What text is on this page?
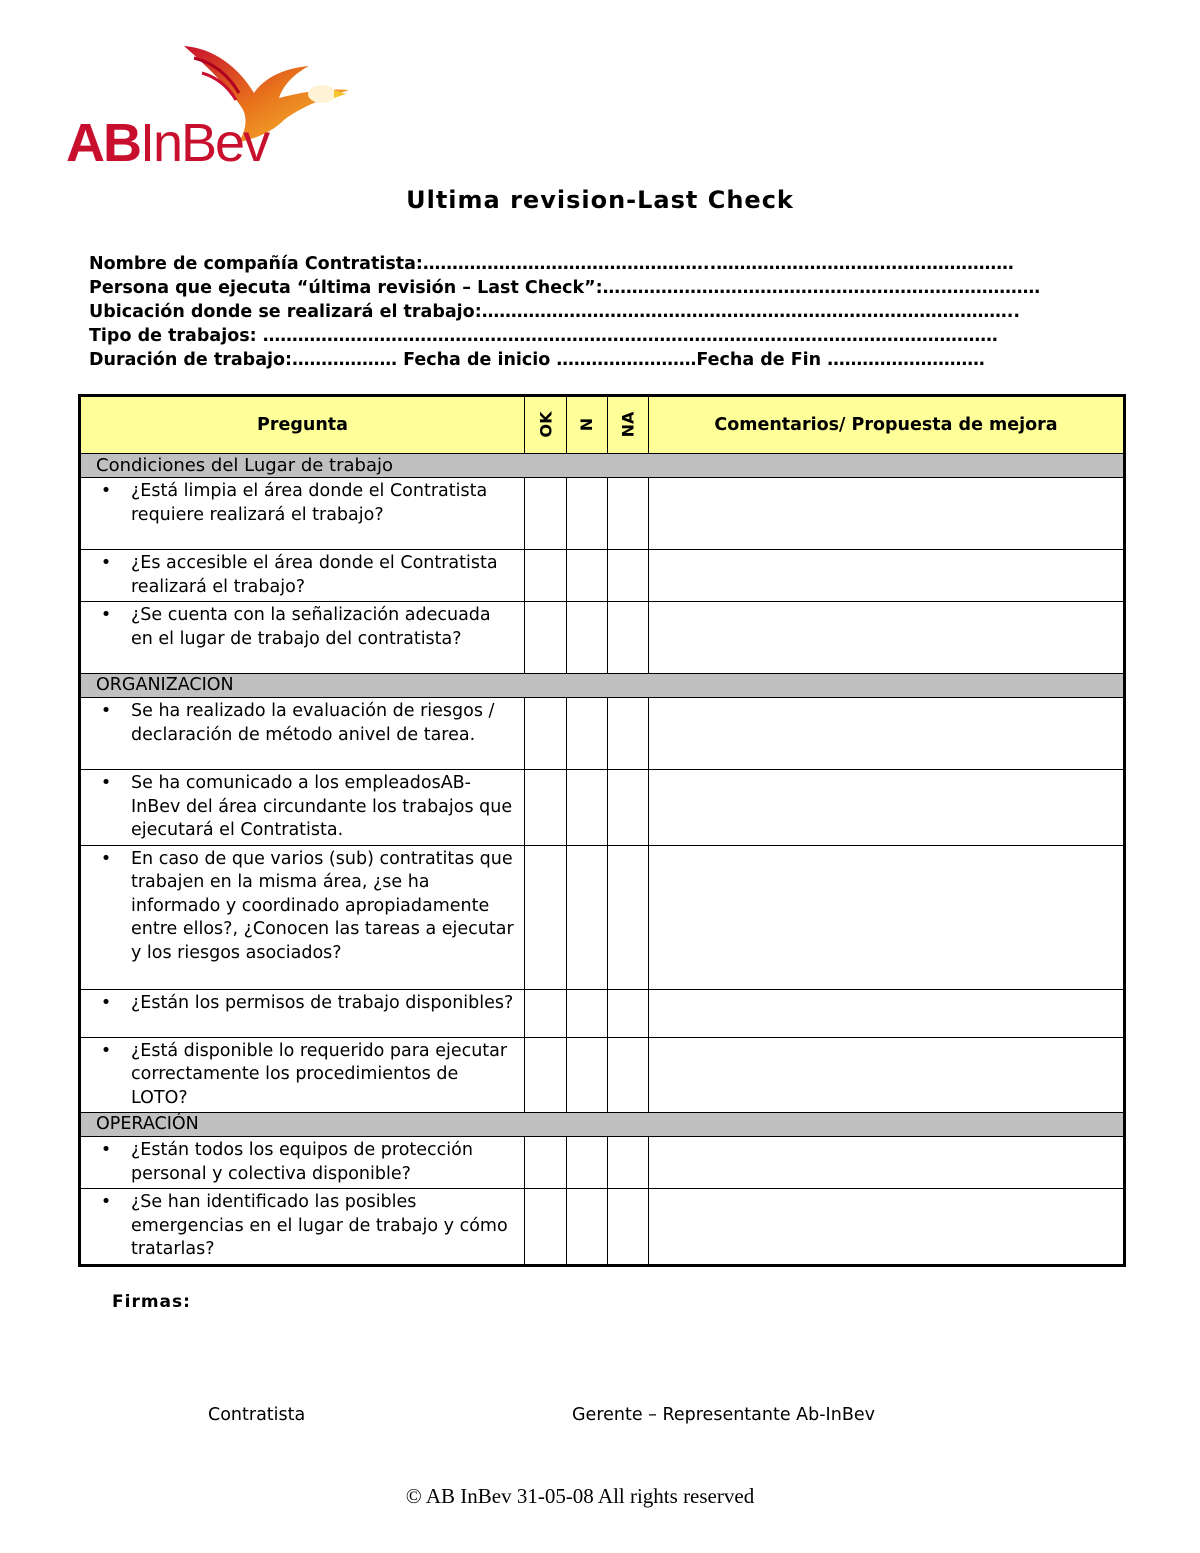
ABInBev
Ultima revision-Last Check
Nombre de compañía Contratista:…………………………………………..……………………………………………
Persona que ejecuta “última revisión – Last Check”:…………………………………………………………………
Ubicación donde se realizará el trabajo:………………………………………………………………………………..
Tipo de trabajos: ………………………………………………………………………………………………………………
Duración de trabajo:……………… Fecha de inicio ……………………Fecha de Fin ………………………
Pregunta	OK	N	NA	Comentarios/ Propuesta de mejora
Condiciones del Lugar de trabajo				

• ¿Está limpia el área donde el Contratista requiere realizará el trabajo?				

• ¿Es accesible el área donde el Contratista realizará el trabajo?				

• ¿Se cuenta con la señalización adecuada en el lugar de trabajo del contratista?				

ORGANIZACION				

• Se ha realizado la evaluación de riesgos / declaración de método anivel de tarea.				

• Se ha comunicado a los empleadosAB-InBev del área circundante los trabajos que ejecutará el Contratista.				

• En caso de que varios (sub) contratitas que trabajen en la misma área, ¿se ha informado y coordinado apropiadamente entre ellos?, ¿Conocen las tareas a ejecutar y los riesgos asociados?				

• ¿Están los permisos de trabajo disponibles?				

• ¿Está disponible lo requerido para ejecutar correctamente los procedimientos de LOTO?				

OPERACIÓN				

• ¿Están todos los equipos de protección personal y colectiva disponible?				

• ¿Se han identificado las posibles emergencias en el lugar de trabajo y cómo tratarlas?				

Firmas:
Contratista	Gerente – Representante Ab-InBev
© AB InBev 31-05-08 All rights reserved
